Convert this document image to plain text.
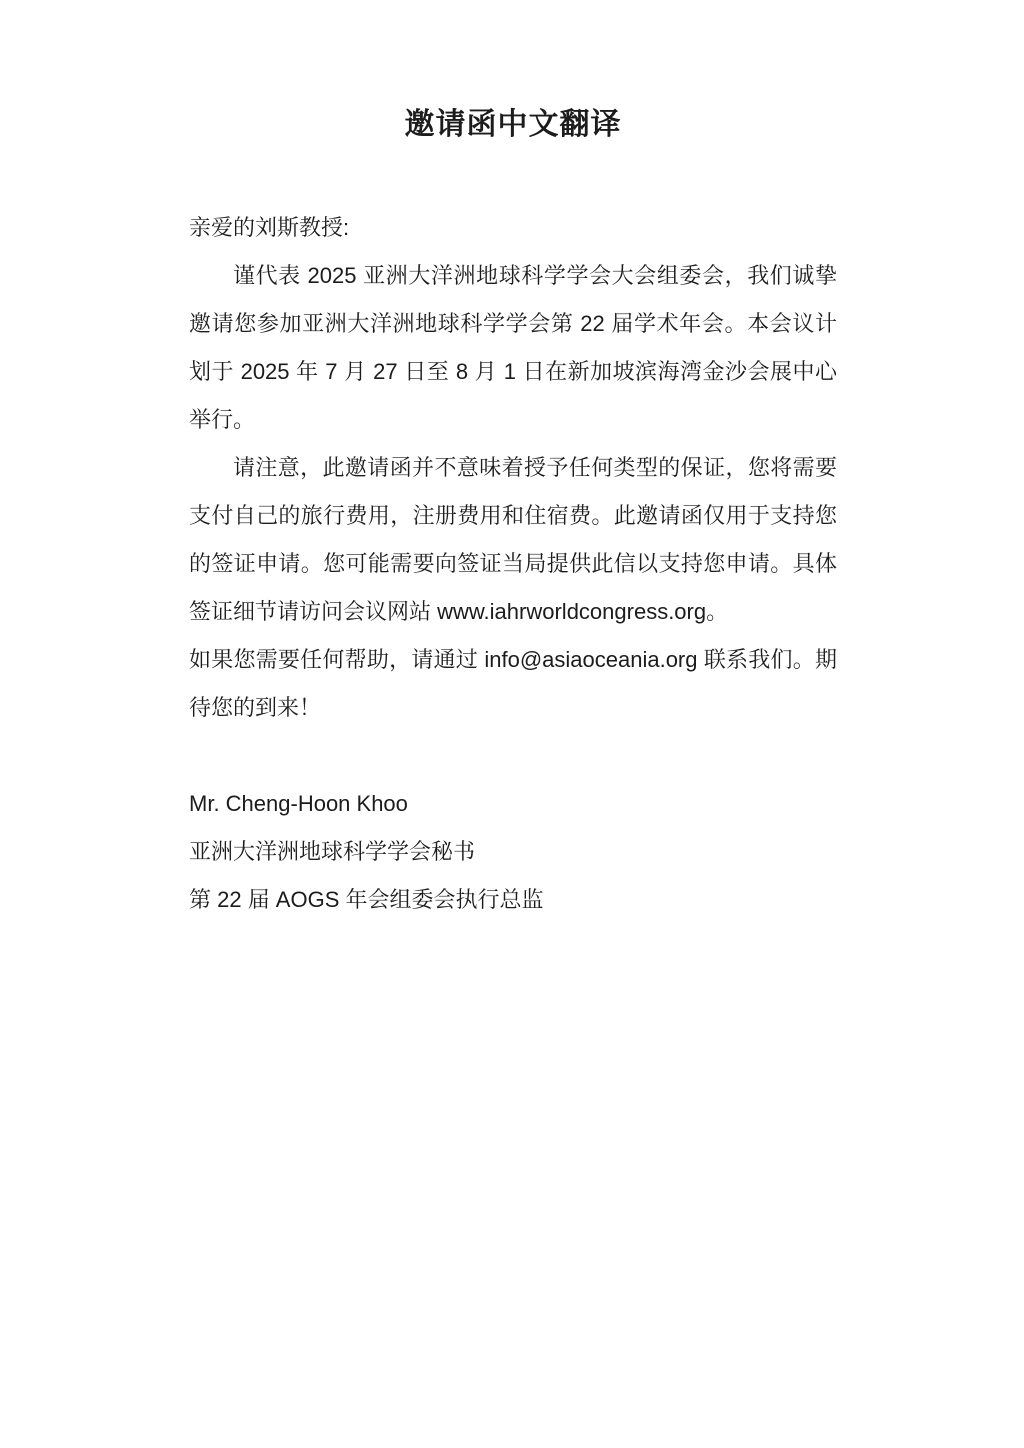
邀请函中文翻译

亲爱的刘斯教授:

谨代表 2025 亚洲大洋洲地球科学学会大会组委会，我们诚挚邀请您参加亚洲大洋洲地球科学学会第 22 届学术年会。本会议计划于 2025 年 7 月 27 日至 8 月 1 日在新加坡滨海湾金沙会展中心举行。

请注意，此邀请函并不意味着授予任何类型的保证，您将需要支付自己的旅行费用，注册费用和住宿费。此邀请函仅用于支持您的签证申请。您可能需要向签证当局提供此信以支持您申请。具体签证细节请访问会议网站 www.iahrworldcongress.org。

如果您需要任何帮助，请通过 info@asiaoceania.org 联系我们。期待您的到来！

Mr. Cheng-Hoon Khoo

亚洲大洋洲地球科学学会秘书

第 22 届 AOGS 年会组委会执行总监
